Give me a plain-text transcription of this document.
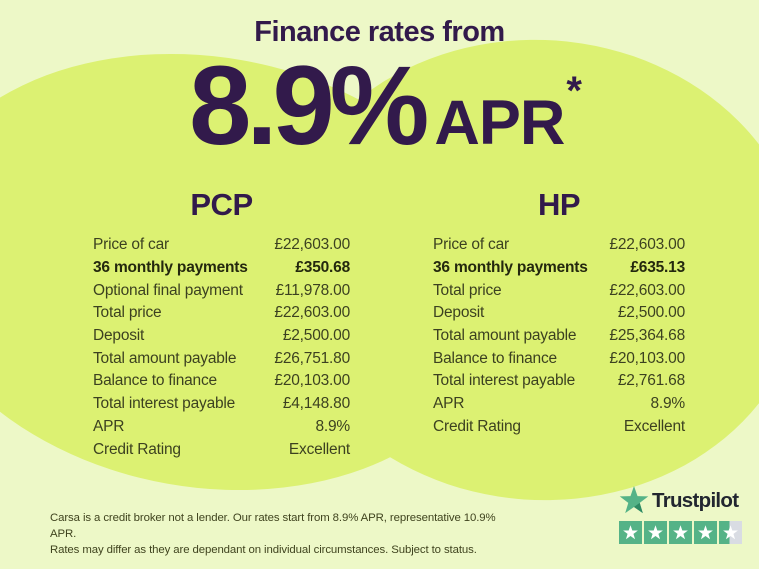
Finance rates from
8.9% APR *
PCP
Price of car	£22,603.00
36 monthly payments	£350.68
Optional final payment £11,978.00
Total price	£22,603.00
Deposit	£2,500.00
Total amount payable £26,751.80
Balance to finance	£20,103.00
Total interest payable	£4,148.80
APR	8.9%
Credit Rating	Excellent
HP
Price of car	£22,603.00
36 monthly payments	£635.13
Total price	£22,603.00
Deposit	£2,500.00
Total amount payable £25,364.68
Balance to finance	£20,103.00
Total interest payable	£2,761.68
APR	8.9%
Credit Rating	Excellent

Carsa is a credit broker not a lender. Our rates start from 8.9% APR, representative 10.9% APR.
Rates may differ as they are dependant on individual circumstances. Subject to status.

Trustpilot
